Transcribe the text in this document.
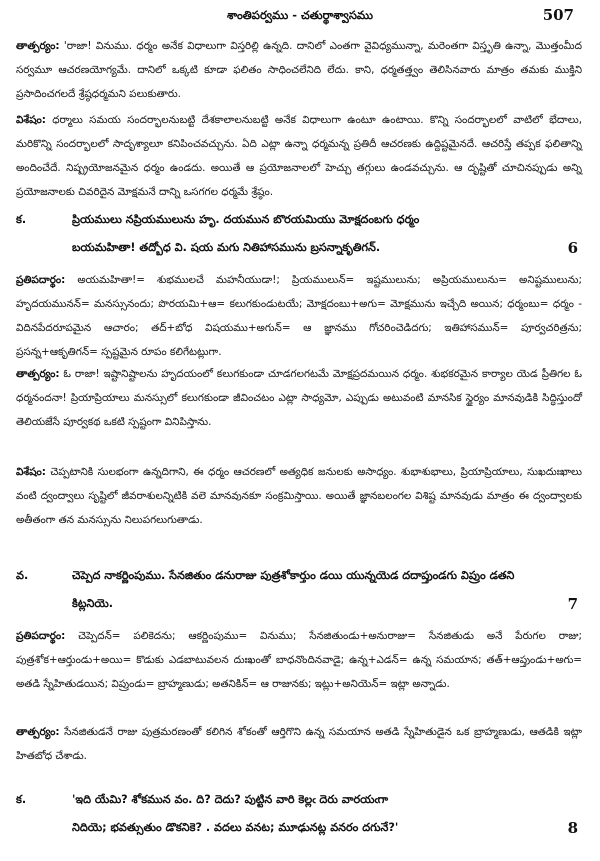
శాంతిపర్వము - చతుర్థాశ్వాసము	507

తాత్పర్యం: 'రాజా! వినుము. ధర్మం అనేక విధాలుగా విస్తరిల్లి ఉన్నది. దానిలో ఎంతగా వైవిధ్యమున్నా, మరెంతగా విస్తృతి ఉన్నా, మొత్తంమీద సర్వమూ ఆచరణయోగ్యమే. దానిలో ఒక్కటి కూడా ఫలితం సాధించలేనిది లేదు. కాని, ధర్మతత్త్వం తెలిసినవారు మాత్రం తమకు ముక్తిని ప్రసాదించగలదే శ్రేష్ఠధర్మమని పలుకుతారు.

విశేషం: ధర్మాలు సమయ సందర్భాలనుబట్టి దేశకాలాలనుబట్టి అనేక విధాలుగా ఉంటూ ఉంటాయి. కొన్ని సందర్భాలలో వాటిలో భేదాలు, మరికొన్ని సందర్భాలలో సాదృశ్యాలూ కనిపించవచ్చును. ఏది ఎట్లా ఉన్నా ధర్మమన్న ప్రతిదీ ఆచరణకు ఉద్దిష్టమైనదే. ఆచరిస్తే తప్పక ఫలితాన్ని అందించేదే. నిష్ప్రయోజనమైన ధర్మం ఉండదు. అయితే ఆ ప్రయోజనాలలో హెచ్చు తగ్గులు ఉండవచ్చును. ఆ దృష్టితో చూచినప్పుడు అన్ని ప్రయోజనాలకు చివరిదైన మోక్షమనే దాన్ని ఒసగగల ధర్మమే శ్రేష్ఠం.

క.	ప్రియములు నప్రియములును హృ. దయమున బొరయమియు మోక్షదంబగు ధర్మం
బయమహితా! తద్బోధ వి. షయ మగు నితిహాసమును బ్రసన్నాకృతిగన్.	6

ప్రతిపదార్థం: అయమహితా!= శుభములచే మహనీయుడా!; ప్రియములున్= ఇష్టములును; అప్రియములును= అనిష్టములును; హృదయమునన్= మనస్సునందు; పొరయమి+ఆ= కలుగకుండుటయే; మోక్షదంబు+అగు= మోక్షమును ఇచ్చేది అయిన; ధర్మంబు= ధర్మం - విదినపేదరూపమైన ఆచారం; తద్+బోధ విషయము+అగున్= ఆ జ్ఞానము గోచరించెడిదగు; ఇతిహాసమున్= పూర్వచరిత్రను; ప్రసన్న+ఆకృతిగన్= స్పష్టమైన రూపం కలిగేటట్లుగా.

తాత్పర్యం: ఓ రాజా! ఇష్టానిష్టాలను హృదయంలో కలుగకుండా చూడగలగటమే మోక్షప్రదమయిన ధర్మం. శుభకరమైన కార్యాల యెడ ప్రీతిగల ఓ ధర్మనందనా! ప్రియాప్రియాలు మనస్సులో కలుగకుండా జీవించటం ఎట్లా సాధ్యమో, ఎప్పుడు అటువంటి మానసిక స్థైర్యం మానవుడికి సిద్ధిస్తుందో తెలియజేసే పూర్వకథ ఒకటి స్పష్టంగా వినిపిస్తాను.

విశేషం: చెప్పటానికి సులభంగా ఉన్నదిగాని, ఈ ధర్మం ఆచరణలో అత్యధిక జనులకు అసాధ్యం. శుభాశుభాలు, ప్రియాప్రియాలు, సుఖదుఃఖాలు వంటి ద్వంద్వాలు సృష్టిలో జీవరాశులన్నిటికి వలె మానవునకూ సంక్రమిస్తాయి. అయితే జ్ఞానబలంగల విశిష్ట మానవుడు మాత్రం ఈ ద్వంద్వాలకు అతీతంగా తన మనస్సును నిలుపగలుగుతాడు.

వ.	చెప్పెద నాకర్ణింపుము. సేనజితుం డనురాజు పుత్రశోకార్తుం డయి యున్నయెడ దదాప్తుండగు విప్రుం డతని
కిట్లనియె.	7

ప్రతిపదార్థం: చెప్పెదన్= పలికెదను; ఆకర్ణింపుము= వినుము; సేనజితుండు+అనురాజు= సేనజితుడు అనే పేరుగల రాజు; పుత్రశోక+ఆర్తుండు+అయి= కొడుకు ఎడబాటువలన దుఃఖంతో బాధనొందినవాడై; ఉన్న+ఎడన్= ఉన్న సమయాన; తత్+ఆప్తుండు+అగు= అతడి స్నేహితుడయిన; విప్రుండు= బ్రాహ్మణుడు; అతనికిన్= ఆ రాజునకు; ఇట్లు+అనియెన్= ఇట్లా అన్నాడు.

తాత్పర్యం: సేనజితుడనే రాజు పుత్రమరణంతో కలిగిన శోకంతో ఆర్తిగొని ఉన్న సమయాన అతడి స్నేహితుడైన ఒక బ్రాహ్మణుడు, ఆతడికి ఇట్లా హితబోధ చేశాడు.

క.	'ఇది యేమి? శోకమున వం. ది? దెదు? పుట్టిన వారి కెల్లఁ దెరు వారయఁగా
నిదియె; భవత్సుతుం డొకనికె? . వదలు వనట; మూఢునట్ల వనరం దగునే?'	8
